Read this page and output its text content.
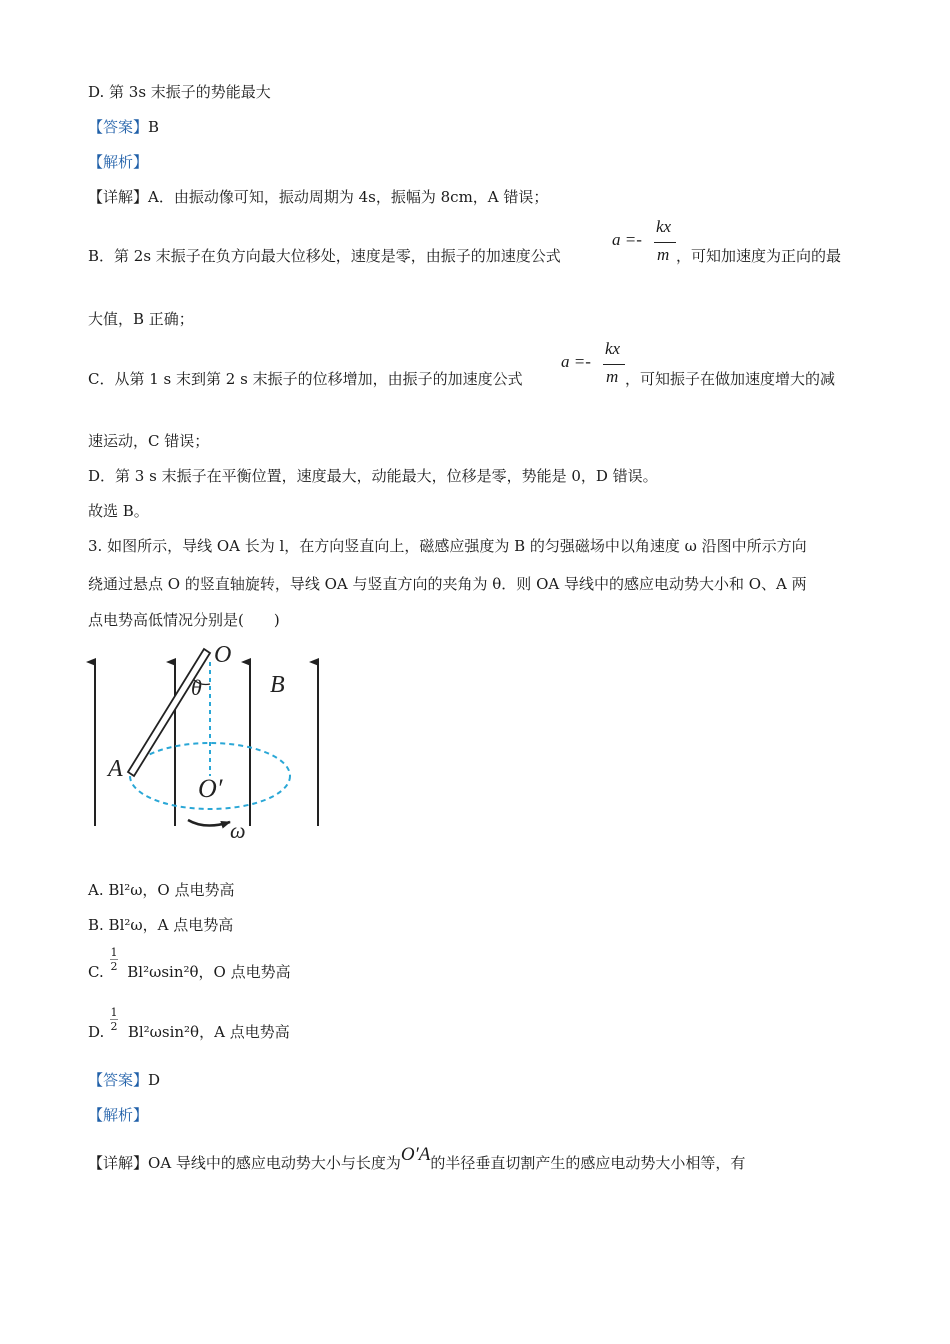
D. 第 3s 末振子的势能最大
【答案】B
【解析】
【详解】A．由振动像可知，振动周期为 4s，振幅为 8cm，A 错误；
B．第 2s 末振子在负方向最大位移处，速度是零，由振子的加速度公式
a =-
kx
m ，可知加速度为正向的最
大值，B 正确；
C．从第 1 s 末到第 2 s 末振子的位移增加，由振子的加速度公式
a =-
kx
m ，可知振子在做加速度增大的减
速运动，C 错误；
D．第 3 s 末振子在平衡位置，速度最大，动能最大，位移是零，势能是 0，D 错误。
故选 B。
3. 如图所示，导线 OA 长为 l，在方向竖直向上，磁感应强度为 B 的匀强磁场中以角速度 ω 沿图中所示方向
绕通过悬点 O 的竖直轴旋转，导线 OA 与竖直方向的夹角为 θ．则 OA 导线中的感应电动势大小和 O、A 两
点电势高低情况分别是(　　)
O
θ	B
A
O′
ω
A. Bl²ω，O 点电势高
B. Bl²ω，A 点电势高
C. Bl²ωsin²θ，O 点电势高
1
2
D. Bl²ωsin²θ，A 点电势高
1
2
【答案】D
【解析】
【详解】OA 导线中的感应电动势大小与长度为O′A的半径垂直切割产生的感应电动势大小相等，有
